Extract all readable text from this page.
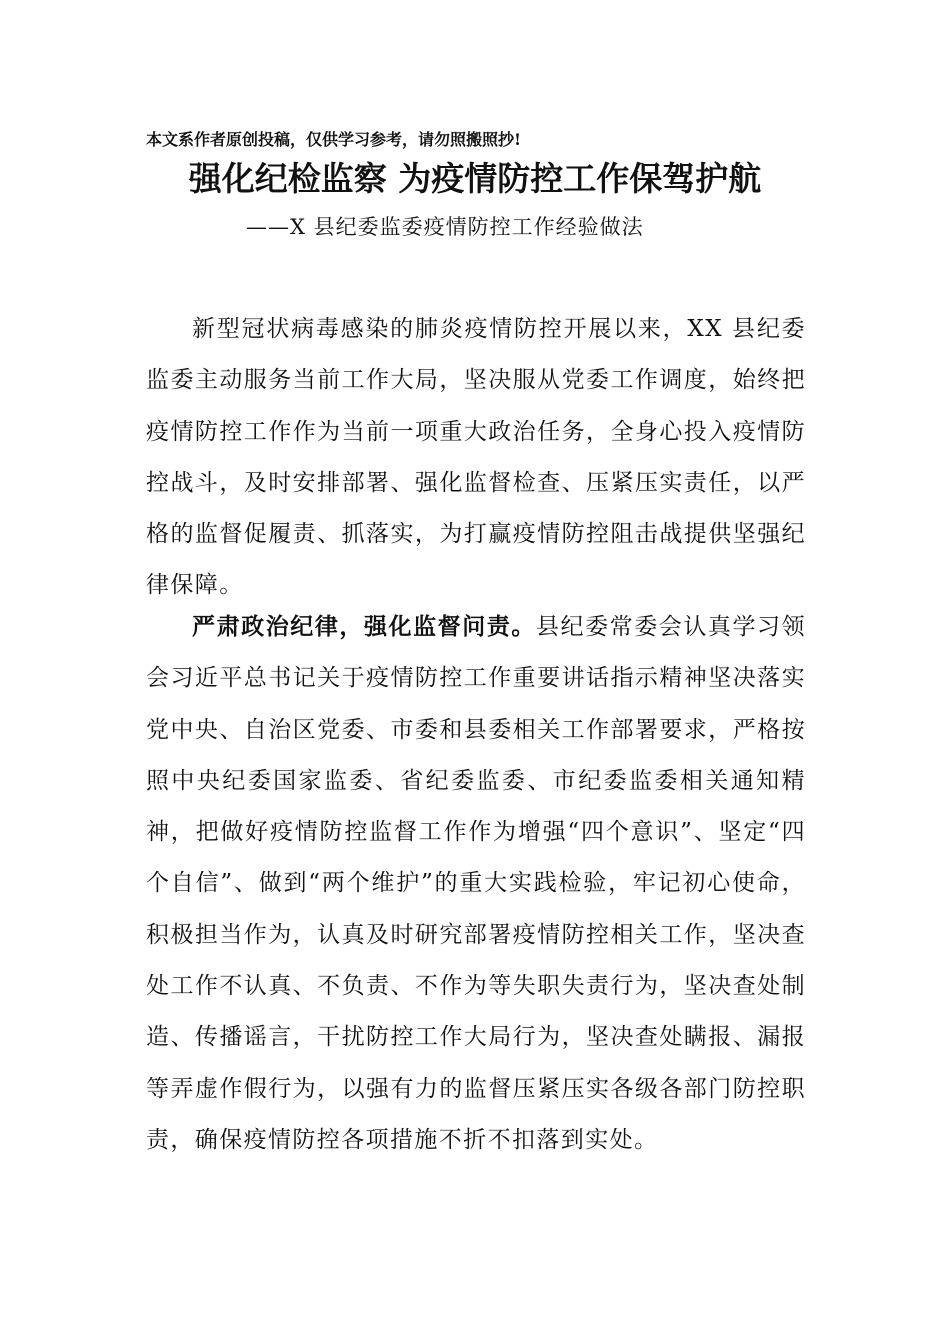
本文系作者原创投稿，仅供学习参考，请勿照搬照抄!
强化纪检监察 为疫情防控工作保驾护航
——X 县纪委监委疫情防控工作经验做法

新型冠状病毒感染的肺炎疫情防控开展以来，XX 县纪委监委主动服务当前工作大局，坚决服从党委工作调度，始终把疫情防控工作作为当前一项重大政治任务，全身心投入疫情防控战斗，及时安排部署、强化监督检查、压紧压实责任，以严格的监督促履责、抓落实，为打赢疫情防控阻击战提供坚强纪律保障。

严肃政治纪律，强化监督问责。县纪委常委会认真学习领会习近平总书记关于疫情防控工作重要讲话指示精神坚决落实党中央、自治区党委、市委和县委相关工作部署要求，严格按照中央纪委国家监委、省纪委监委、市纪委监委相关通知精神，把做好疫情防控监督工作作为增强“四个意识”、坚定“四个自信”、做到“两个维护”的重大实践检验，牢记初心使命，积极担当作为，认真及时研究部署疫情防控相关工作，坚决查处工作不认真、不负责、不作为等失职失责行为，坚决查处制造、传播谣言，干扰防控工作大局行为，坚决查处瞒报、漏报等弄虚作假行为，以强有力的监督压紧压实各级各部门防控职责，确保疫情防控各项措施不折不扣落到实处。
